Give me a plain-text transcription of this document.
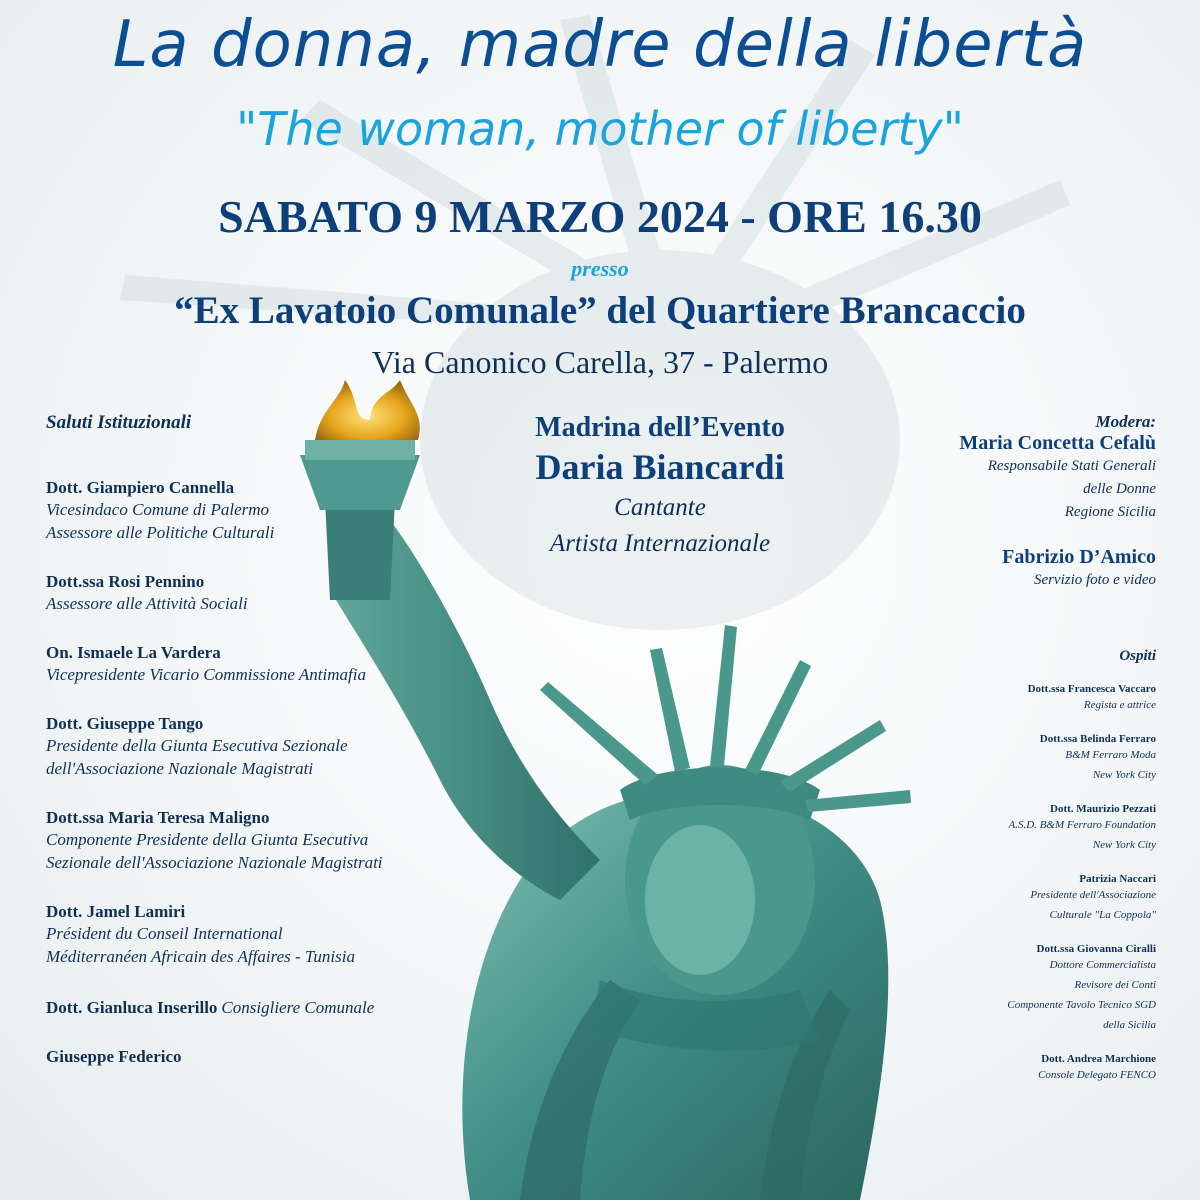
La donna, madre della libertà
"The woman, mother of liberty"
SABATO 9 MARZO 2024 - ORE 16.30
presso
“Ex Lavatoio Comunale” del Quartiere Brancaccio
Via Canonico Carella, 37 - Palermo
Saluti Istituzionali
Dott. Giampiero Cannella
Vicesindaco Comune di Palermo
Assessore alle Politiche Culturali
Dott.ssa Rosi Pennino
Assessore alle Attività Sociali
On. Ismaele La Vardera
Vicepresidente Vicario Commissione Antimafia
Dott. Giuseppe Tango
Presidente della Giunta Esecutiva Sezionale
dell'Associazione Nazionale Magistrati
Dott.ssa Maria Teresa Maligno
Componente Presidente della Giunta Esecutiva
Sezionale dell'Associazione Nazionale Magistrati
Dott. Jamel Lamiri
Président du Conseil International
Méditerranéen Africain des Affaires - Tunisia
Dott. Gianluca Inserillo Consigliere Comunale
Giuseppe Federico
Madrina dell’Evento
Daria Biancardi
Cantante
Artista Internazionale
Modera:
Maria Concetta Cefalù
Responsabile Stati Generali
delle Donne
Regione Sicilia
Fabrizio D’Amico
Servizio foto e video
Ospiti
Dott.ssa Francesca Vaccaro
Regista e attrice
Dott.ssa Belinda Ferraro
B&M Ferraro Moda
New York City
Dott. Maurizio Pezzati
A.S.D. B&M Ferraro Foundation
New York City
Patrizia Naccari
Presidente dell'Associazione
Culturale "La Coppola"
Dott.ssa Giovanna Ciralli
Dottore Commercialista
Revisore dei Conti
Componente Tavolo Tecnico SGD
della Sicilia
Dott. Andrea Marchione
Console Delegato FENCO
